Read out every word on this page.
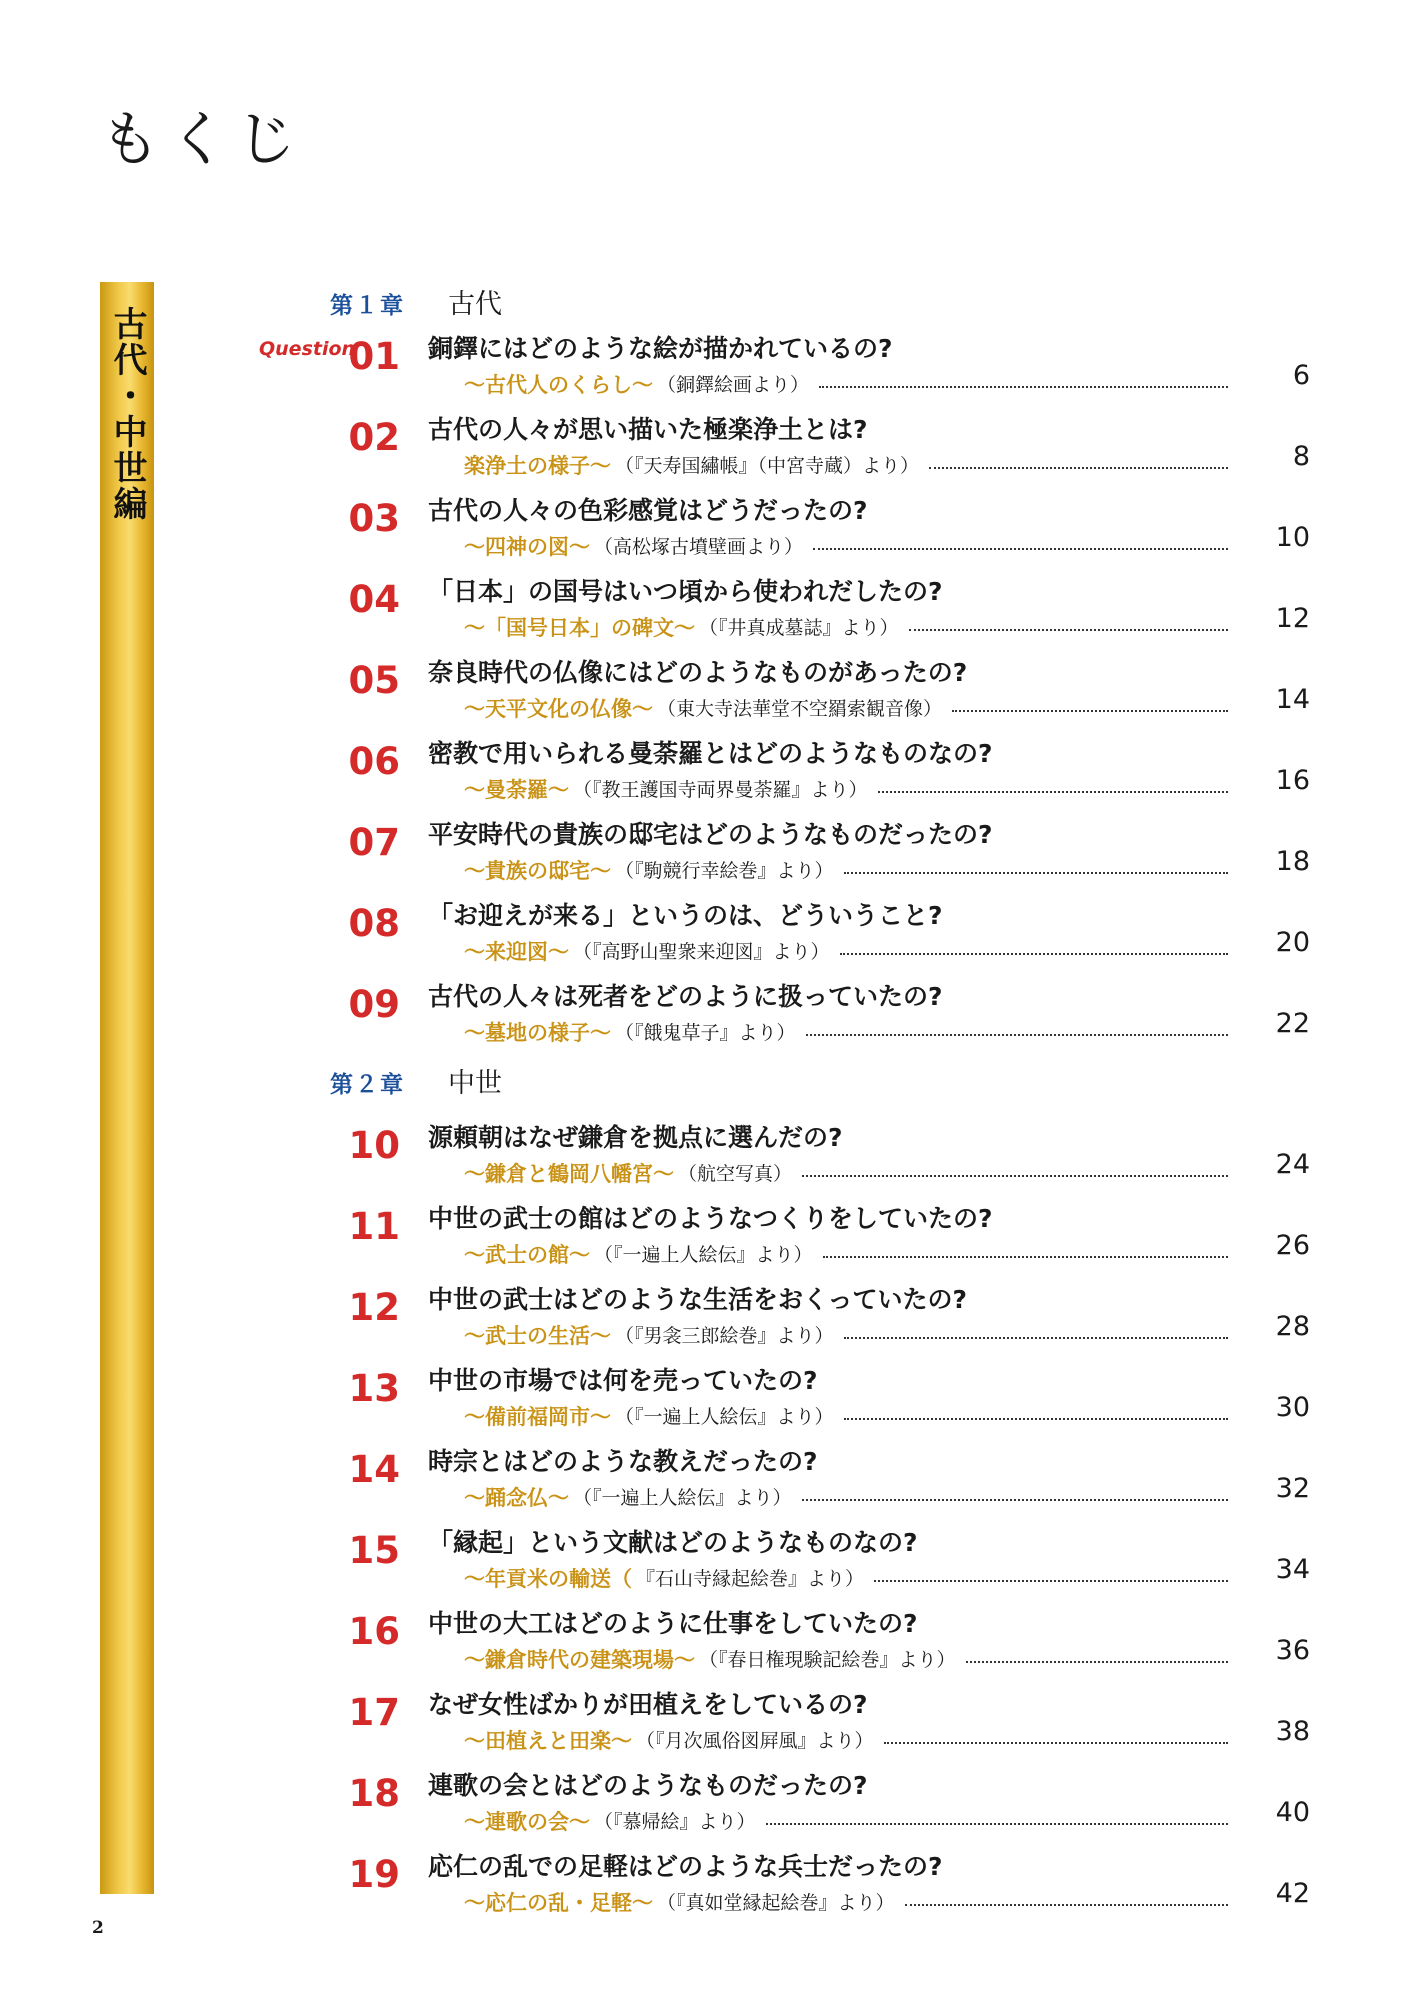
もくじ
古代・中世編	第１章	古代
第２章	中世
Question
01 銅鐸にはどのような絵が描かれているの?
〜古代人のくらし〜 （銅鐸絵画より）	6
02 古代の人々が思い描いた極楽浄土とは?
楽浄土の様子〜 （『天寿国繡帳』（中宮寺蔵）より）	8
03 古代の人々の色彩感覚はどうだったの?
〜四神の図〜 （高松塚古墳壁画より）	10
04 「日本」の国号はいつ頃から使われだしたの?
〜「国号日本」の碑文〜 （『井真成墓誌』より）	12
05 奈良時代の仏像にはどのようなものがあったの?
〜天平文化の仏像〜 （東大寺法華堂不空羂索観音像）	14
06 密教で用いられる曼荼羅とはどのようなものなの?
〜曼荼羅〜 （『教王護国寺両界曼荼羅』より）	16
07 平安時代の貴族の邸宅はどのようなものだったの?
〜貴族の邸宅〜 （『駒競行幸絵巻』より）	18
08 「お迎えが来る」というのは、どういうこと?
〜来迎図〜 （『高野山聖衆来迎図』より）	20
09 古代の人々は死者をどのように扱っていたの?
〜墓地の様子〜 （『餓鬼草子』より）	22
10 源頼朝はなぜ鎌倉を拠点に選んだの?
〜鎌倉と鶴岡八幡宮〜 （航空写真）	24
11 中世の武士の館はどのようなつくりをしていたの?
〜武士の館〜 （『一遍上人絵伝』より）	26
12 中世の武士はどのような生活をおくっていたの?
〜武士の生活〜 （『男衾三郎絵巻』より）	28
13 中世の市場では何を売っていたの?
〜備前福岡市〜 （『一遍上人絵伝』より）	30
14 時宗とはどのような教えだったの?
〜踊念仏〜 （『一遍上人絵伝』より）	32
15 「縁起」という文献はどのようなものなの?
〜年貢米の輸送（ 『石山寺縁起絵巻』より）	34
16 中世の大工はどのように仕事をしていたの?
〜鎌倉時代の建築現場〜 （『春日権現験記絵巻』より）	36
17 なぜ女性ばかりが田植えをしているの?
〜田植えと田楽〜 （『月次風俗図屛風』より）	38
18 連歌の会とはどのようなものだったの?
〜連歌の会〜 （『慕帰絵』より）	40
19 応仁の乱での足軽はどのような兵士だったの?
〜応仁の乱・足軽〜 （『真如堂縁起絵巻』より）	42
2
